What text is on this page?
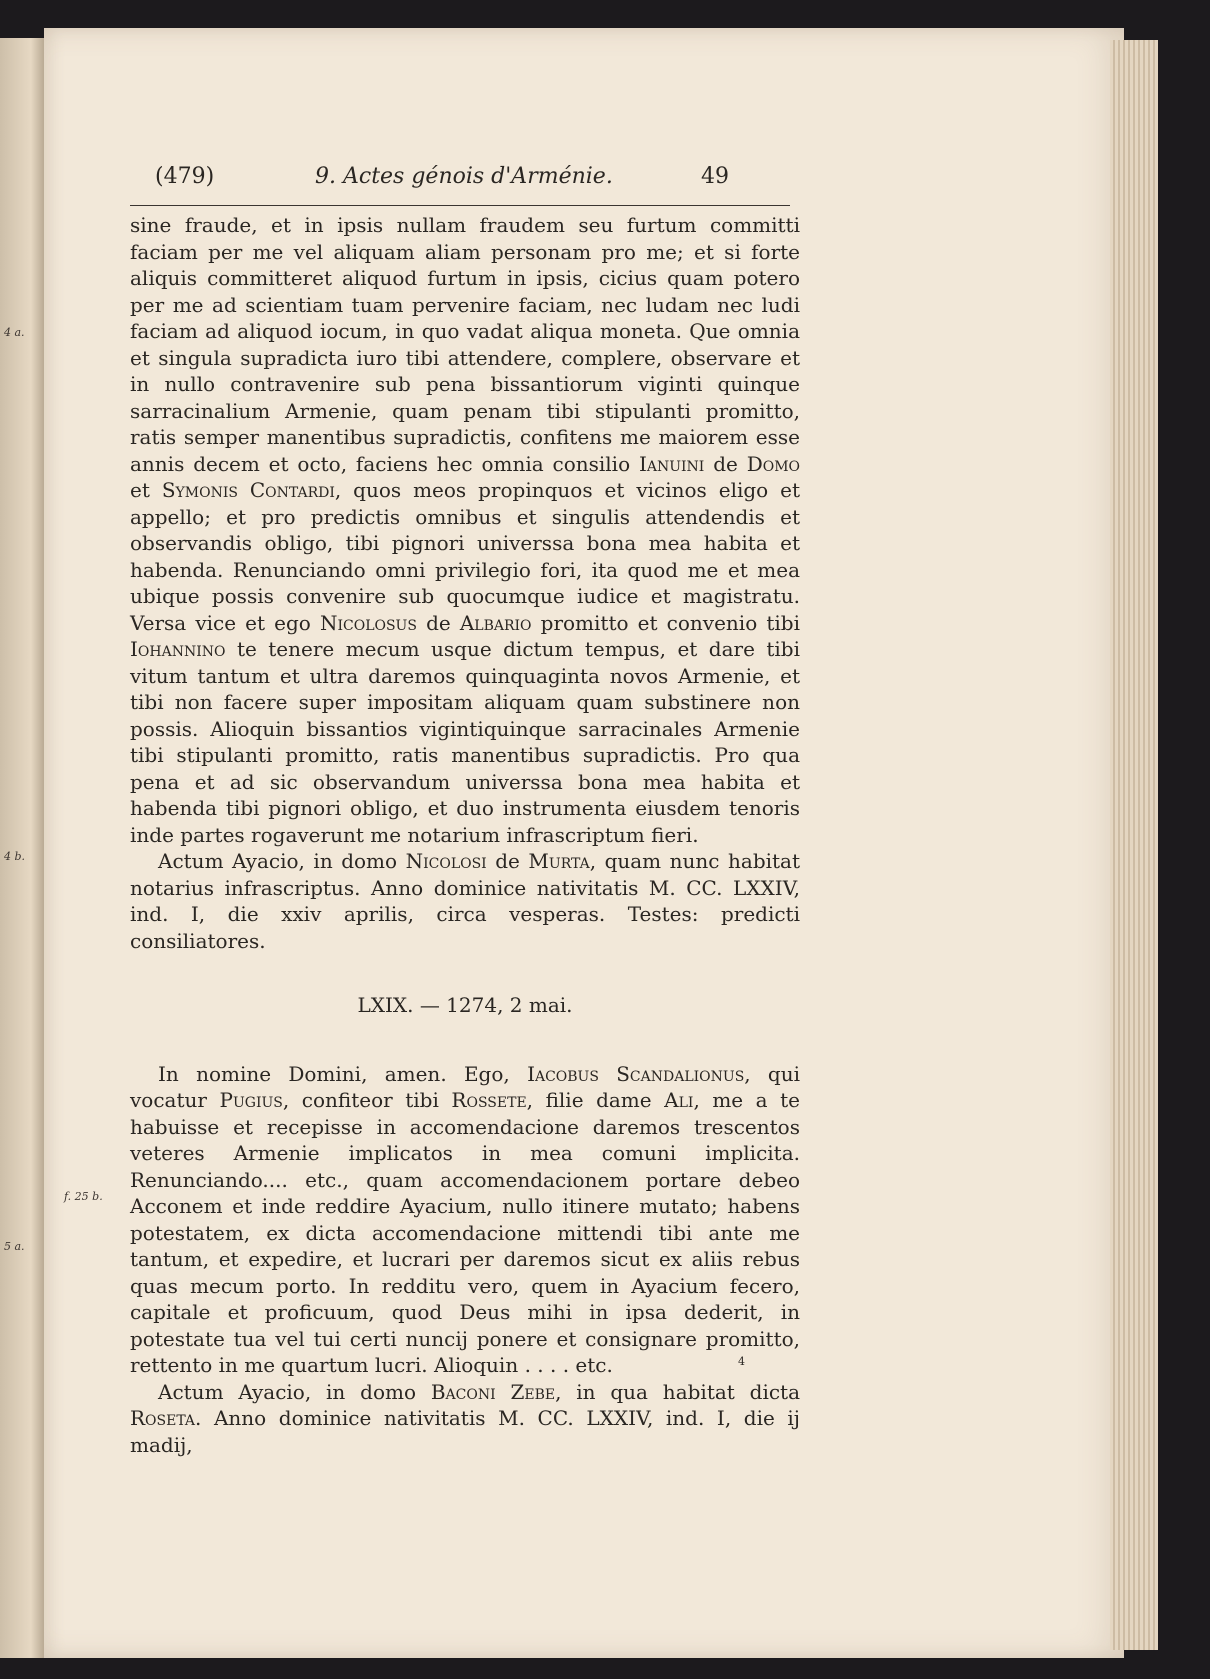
(479)	9. Actes génois d'Arménie.	49
4 a.
4 b.
f. 25 b.
5 a.

sine fraude, et in ipsis nullam fraudem seu furtum committi faciam per me vel aliquam aliam personam pro me; et si forte aliquis committeret aliquod furtum in ipsis, cicius quam potero per me ad scientiam tuam pervenire faciam, nec ludam nec ludi faciam ad aliquod iocum, in quo vadat aliqua moneta. Que omnia et singula supradicta iuro tibi attendere, complere, observare et in nullo contravenire sub pena bissantiorum viginti quinque sarracinalium Armenie, quam penam tibi stipulanti promitto, ratis semper manentibus supradictis, confitens me maiorem esse annis decem et octo, faciens hec omnia consilio Ianuini de Domo et Symonis Contardi, quos meos propinquos et vicinos eligo et appello; et pro predictis omnibus et singulis attendendis et observandis obligo, tibi pignori universsa bona mea habita et habenda. Renunciando omni privilegio fori, ita quod me et mea ubique possis convenire sub quocumque iudice et magistratu. Versa vice et ego Nicolosus de Albario promitto et convenio tibi Iohannino te tenere mecum usque dictum tempus, et dare tibi vitum tantum et ultra daremos quinquaginta novos Armenie, et tibi non facere super impositam aliquam quam substinere non possis. Alioquin bissantios vigintiquinque sarracinales Armenie tibi stipulanti promitto, ratis manentibus supradictis. Pro qua pena et ad sic observandum universsa bona mea habita et habenda tibi pignori obligo, et duo instrumenta eiusdem tenoris inde partes rogaverunt me notarium infrascriptum fieri.

Actum Ayacio, in domo Nicolosi de Murta, quam nunc habitat notarius infrascriptus. Anno dominice nativitatis M. CC. LXXIV, ind. I, die xxiv aprilis, circa vesperas. Testes: predicti consiliatores.

LXIX. — 1274, 2 mai.

In nomine Domini, amen. Ego, Iacobus Scandalionus, qui vocatur Pugius, confiteor tibi Rossete, filie dame Ali, me a te habuisse et recepisse in accomendacione daremos trescentos veteres Armenie implicatos in mea comuni implicita. Renunciando.... etc., quam accomendacionem portare debeo Acconem et inde reddire Ayacium, nullo itinere mutato; habens potestatem, ex dicta accomendacione mittendi tibi ante me tantum, et expedire, et lucrari per daremos sicut ex aliis rebus quas mecum porto. In redditu vero, quem in Ayacium fecero, capitale et proficuum, quod Deus mihi in ipsa dederit, in potestate tua vel tui certi nuncij ponere et consignare promitto, rettento in me quartum lucri. Alioquin . . . . etc.

Actum Ayacio, in domo Baconi Zebe, in qua habitat dicta Roseta. Anno dominice nativitatis M. CC. LXXIV, ind. I, die ij madij,

4
